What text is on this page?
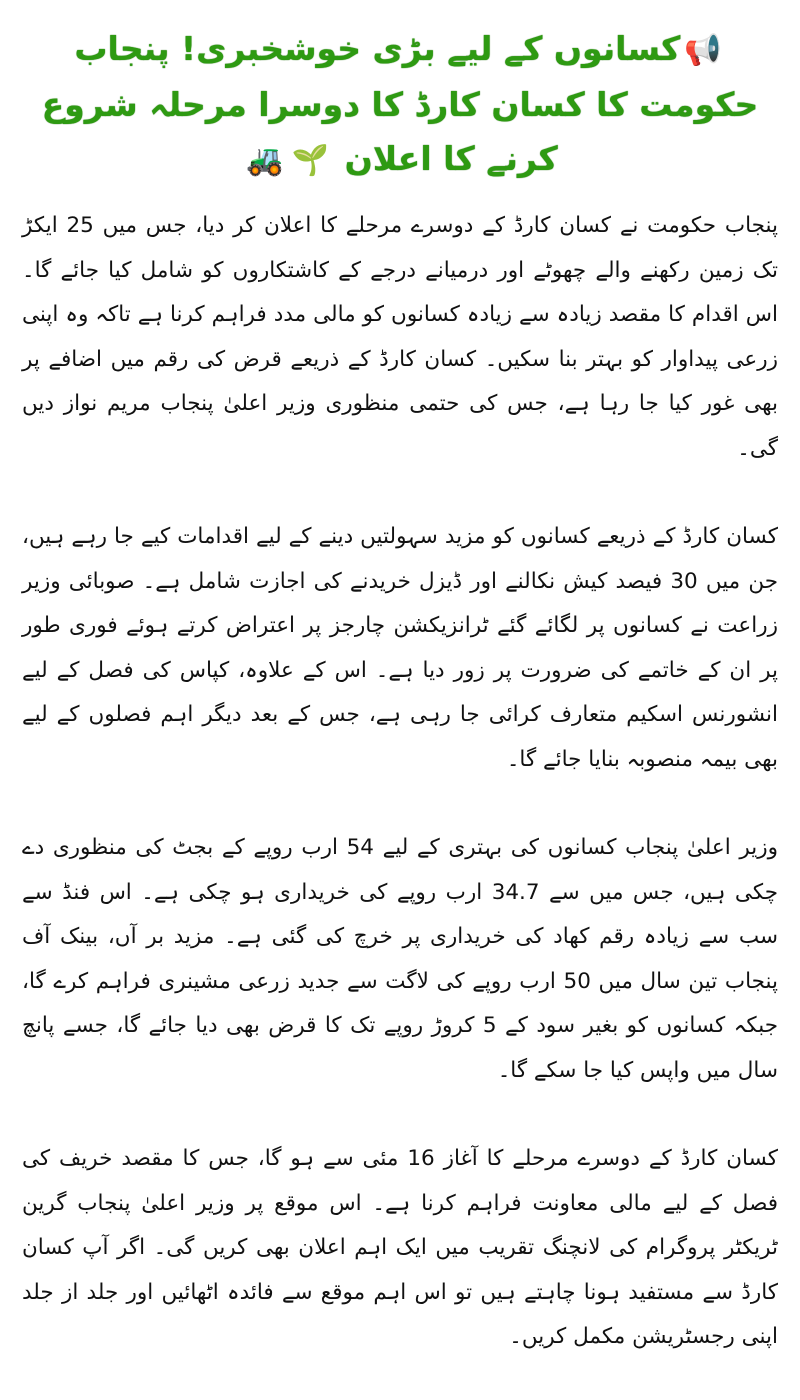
📢کسانوں کے لیے بڑی خوشخبری! پنجاب حکومت کا کسان کارڈ کا دوسرا مرحلہ شروع کرنے کا اعلان 🌱🚜

پنجاب حکومت نے کسان کارڈ کے دوسرے مرحلے کا اعلان کر دیا، جس میں 25 ایکڑ تک زمین رکھنے والے چھوٹے اور درمیانے درجے کے کاشتکاروں کو شامل کیا جائے گا۔ اس اقدام کا مقصد زیادہ سے زیادہ کسانوں کو مالی مدد فراہم کرنا ہے تاکہ وہ اپنی زرعی پیداوار کو بہتر بنا سکیں۔ کسان کارڈ کے ذریعے قرض کی رقم میں اضافے پر بھی غور کیا جا رہا ہے، جس کی حتمی منظوری وزیر اعلیٰ پنجاب مریم نواز دیں گی۔

کسان کارڈ کے ذریعے کسانوں کو مزید سہولتیں دینے کے لیے اقدامات کیے جا رہے ہیں، جن میں 30 فیصد کیش نکالنے اور ڈیزل خریدنے کی اجازت شامل ہے۔ صوبائی وزیر زراعت نے کسانوں پر لگائے گئے ٹرانزیکشن چارجز پر اعتراض کرتے ہوئے فوری طور پر ان کے خاتمے کی ضرورت پر زور دیا ہے۔ اس کے علاوہ، کپاس کی فصل کے لیے انشورنس اسکیم متعارف کرائی جا رہی ہے، جس کے بعد دیگر اہم فصلوں کے لیے بھی بیمہ منصوبہ بنایا جائے گا۔

وزیر اعلیٰ پنجاب کسانوں کی بہتری کے لیے 54 ارب روپے کے بجٹ کی منظوری دے چکی ہیں، جس میں سے 34.7 ارب روپے کی خریداری ہو چکی ہے۔ اس فنڈ سے سب سے زیادہ رقم کھاد کی خریداری پر خرچ کی گئی ہے۔ مزید بر آں، بینک آف پنجاب تین سال میں 50 ارب روپے کی لاگت سے جدید زرعی مشینری فراہم کرے گا، جبکہ کسانوں کو بغیر سود کے 5 کروڑ روپے تک کا قرض بھی دیا جائے گا، جسے پانچ سال میں واپس کیا جا سکے گا۔

کسان کارڈ کے دوسرے مرحلے کا آغاز 16 مئی سے ہو گا، جس کا مقصد خریف کی فصل کے لیے مالی معاونت فراہم کرنا ہے۔ اس موقع پر وزیر اعلیٰ پنجاب گرین ٹریکٹر پروگرام کی لانچنگ تقریب میں ایک اہم اعلان بھی کریں گی۔ اگر آپ کسان کارڈ سے مستفید ہونا چاہتے ہیں تو اس اہم موقع سے فائدہ اٹھائیں اور جلد از جلد اپنی رجسٹریشن مکمل کریں۔
